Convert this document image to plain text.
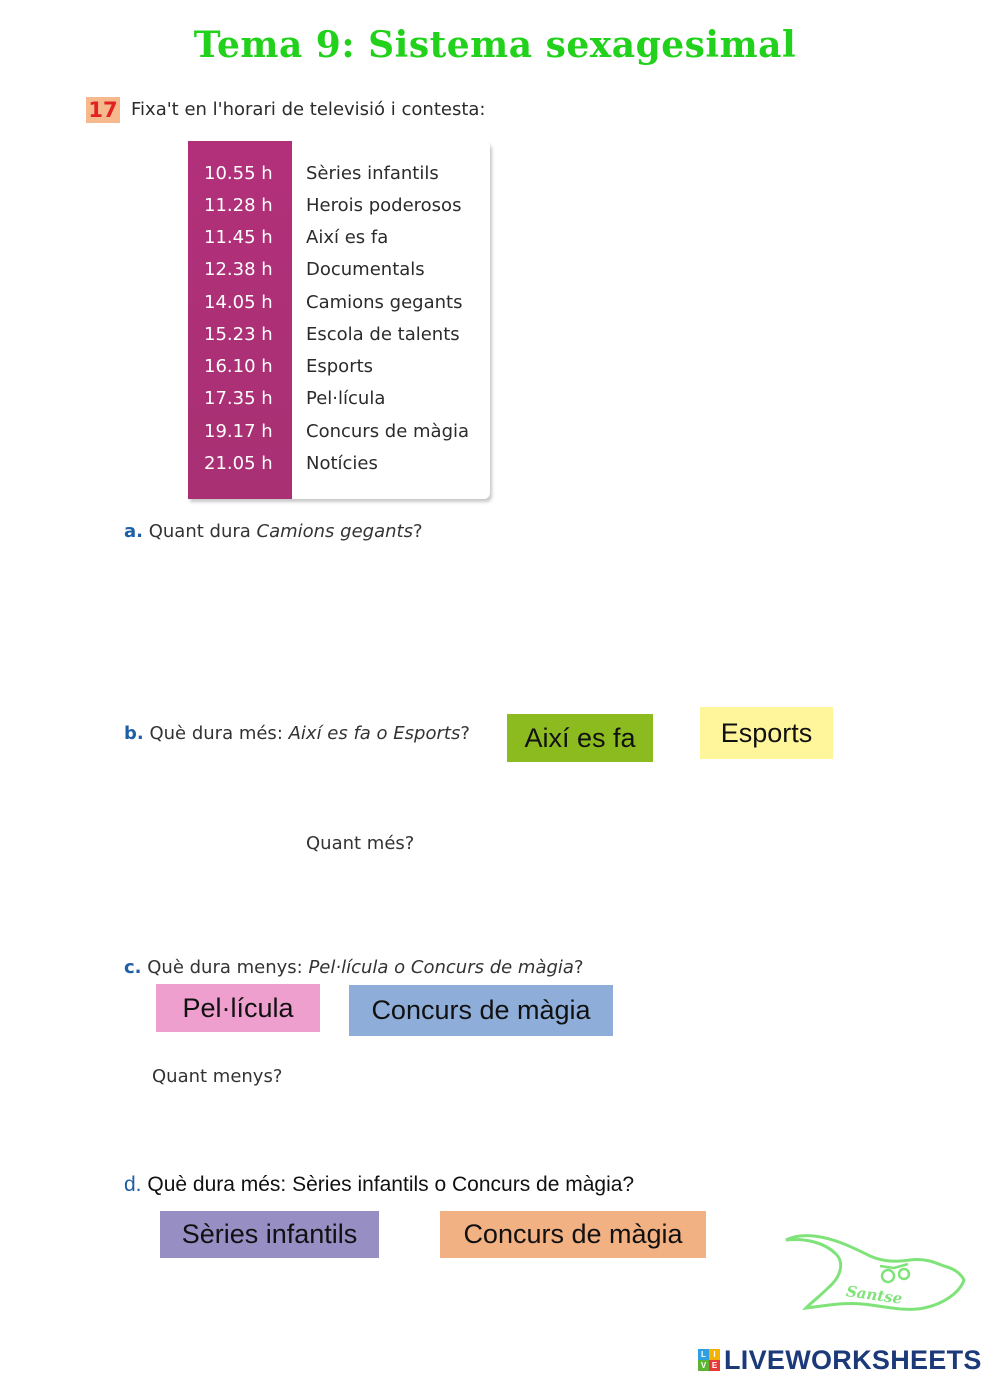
Tema 9: Sistema sexagesimal
17 Fixa't en l'horari de televisió i contesta:
10.55 h	Sèries infantils
11.28 h	Herois poderosos
11.45 h	Així es fa
12.38 h	Documentals
14.05 h	Camions gegants
15.23 h	Escola de talents
16.10 h	Esports
17.35 h	Pel·lícula
19.17 h	Concurs de màgia
21.05 h	Notícies
a. Quant dura Camions gegants?
b. Què dura més: Així es fa o Esports?	Així es fa	Esports
Quant més?
c. Què dura menys: Pel·lícula o Concurs de màgia?
Pel·lícula	Concurs de màgia
Quant menys?
d. Què dura més: Sèries infantils o Concurs de màgia?
Sèries infantils	Concurs de màgia
Santse
L I
V E LIVEWORKSHEETS
